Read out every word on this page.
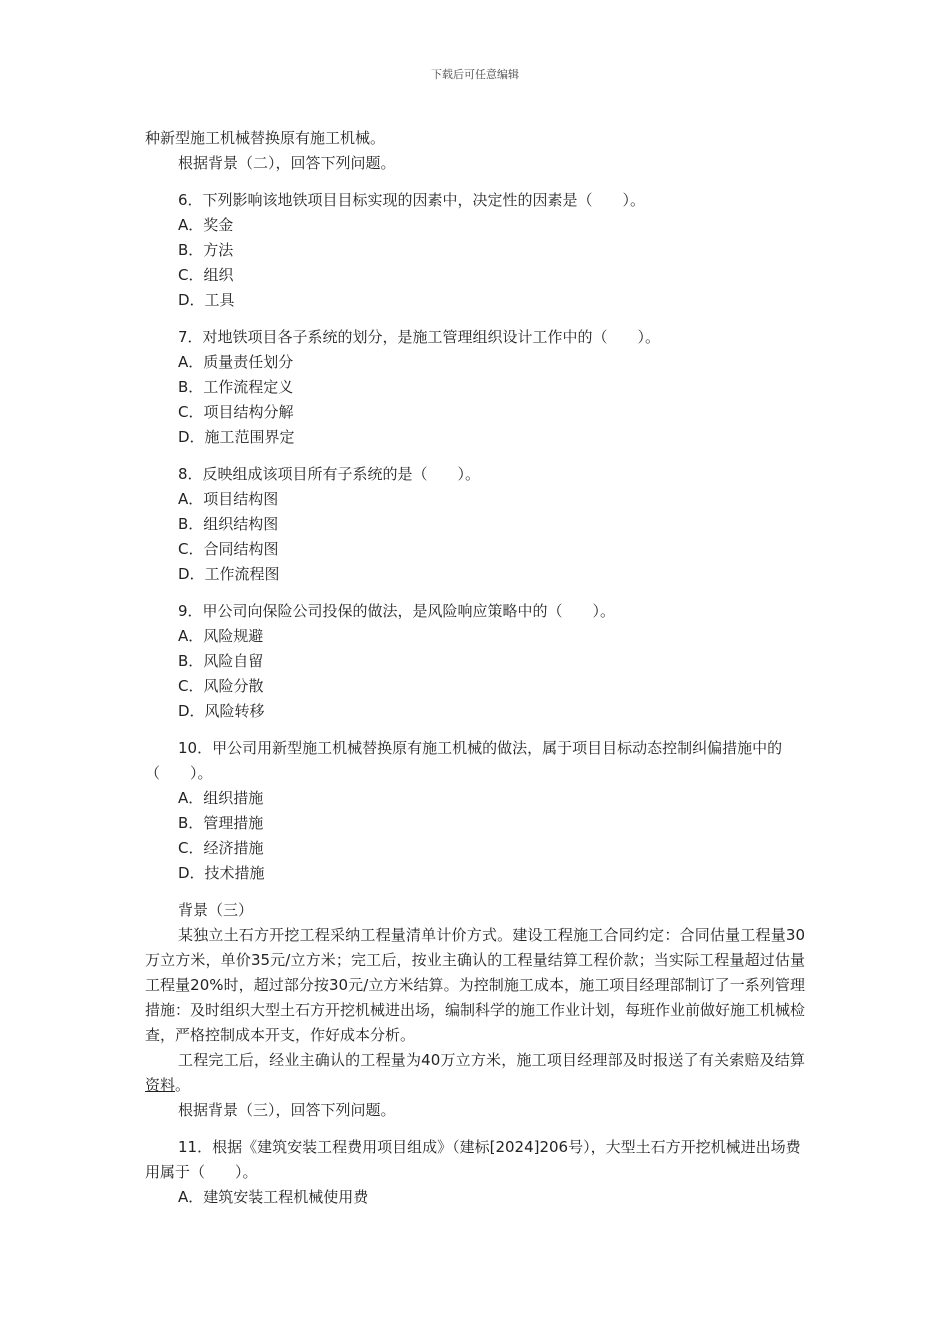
下载后可任意编辑
种新型施工机械替换原有施工机械。
根据背景（二），回答下列问题。
6．下列影响该地铁项目目标实现的因素中，决定性的因素是（　　）。
A．奖金
B．方法
C．组织
D．工具
7．对地铁项目各子系统的划分，是施工管理组织设计工作中的（　　）。
A．质量责任划分
B．工作流程定义
C．项目结构分解
D．施工范围界定
8．反映组成该项目所有子系统的是（　　）。
A．项目结构图
B．组织结构图
C．合同结构图
D．工作流程图
9．甲公司向保险公司投保的做法，是风险响应策略中的（　　）。
A．风险规避
B．风险自留
C．风险分散
D．风险转移
10．甲公司用新型施工机械替换原有施工机械的做法，属于项目目标动态控制纠偏措施中的（　　）。
A．组织措施
B．管理措施
C．经济措施
D．技术措施
背景（三）
某独立土石方开挖工程采纳工程量清单计价方式。建设工程施工合同约定：合同估量工程量30万立方米，单价35元/立方米；完工后，按业主确认的工程量结算工程价款；当实际工程量超过估量工程量20%时，超过部分按30元/立方米结算。为控制施工成本，施工项目经理部制订了一系列管理措施：及时组织大型土石方开挖机械进出场，编制科学的施工作业计划，每班作业前做好施工机械检查，严格控制成本开支，作好成本分析。
工程完工后，经业主确认的工程量为40万立方米，施工项目经理部及时报送了有关索赔及结算资料。
根据背景（三），回答下列问题。
11．根据《建筑安装工程费用项目组成》（建标[2024]206号），大型土石方开挖机械进出场费用属于（　　）。
A．建筑安装工程机械使用费
